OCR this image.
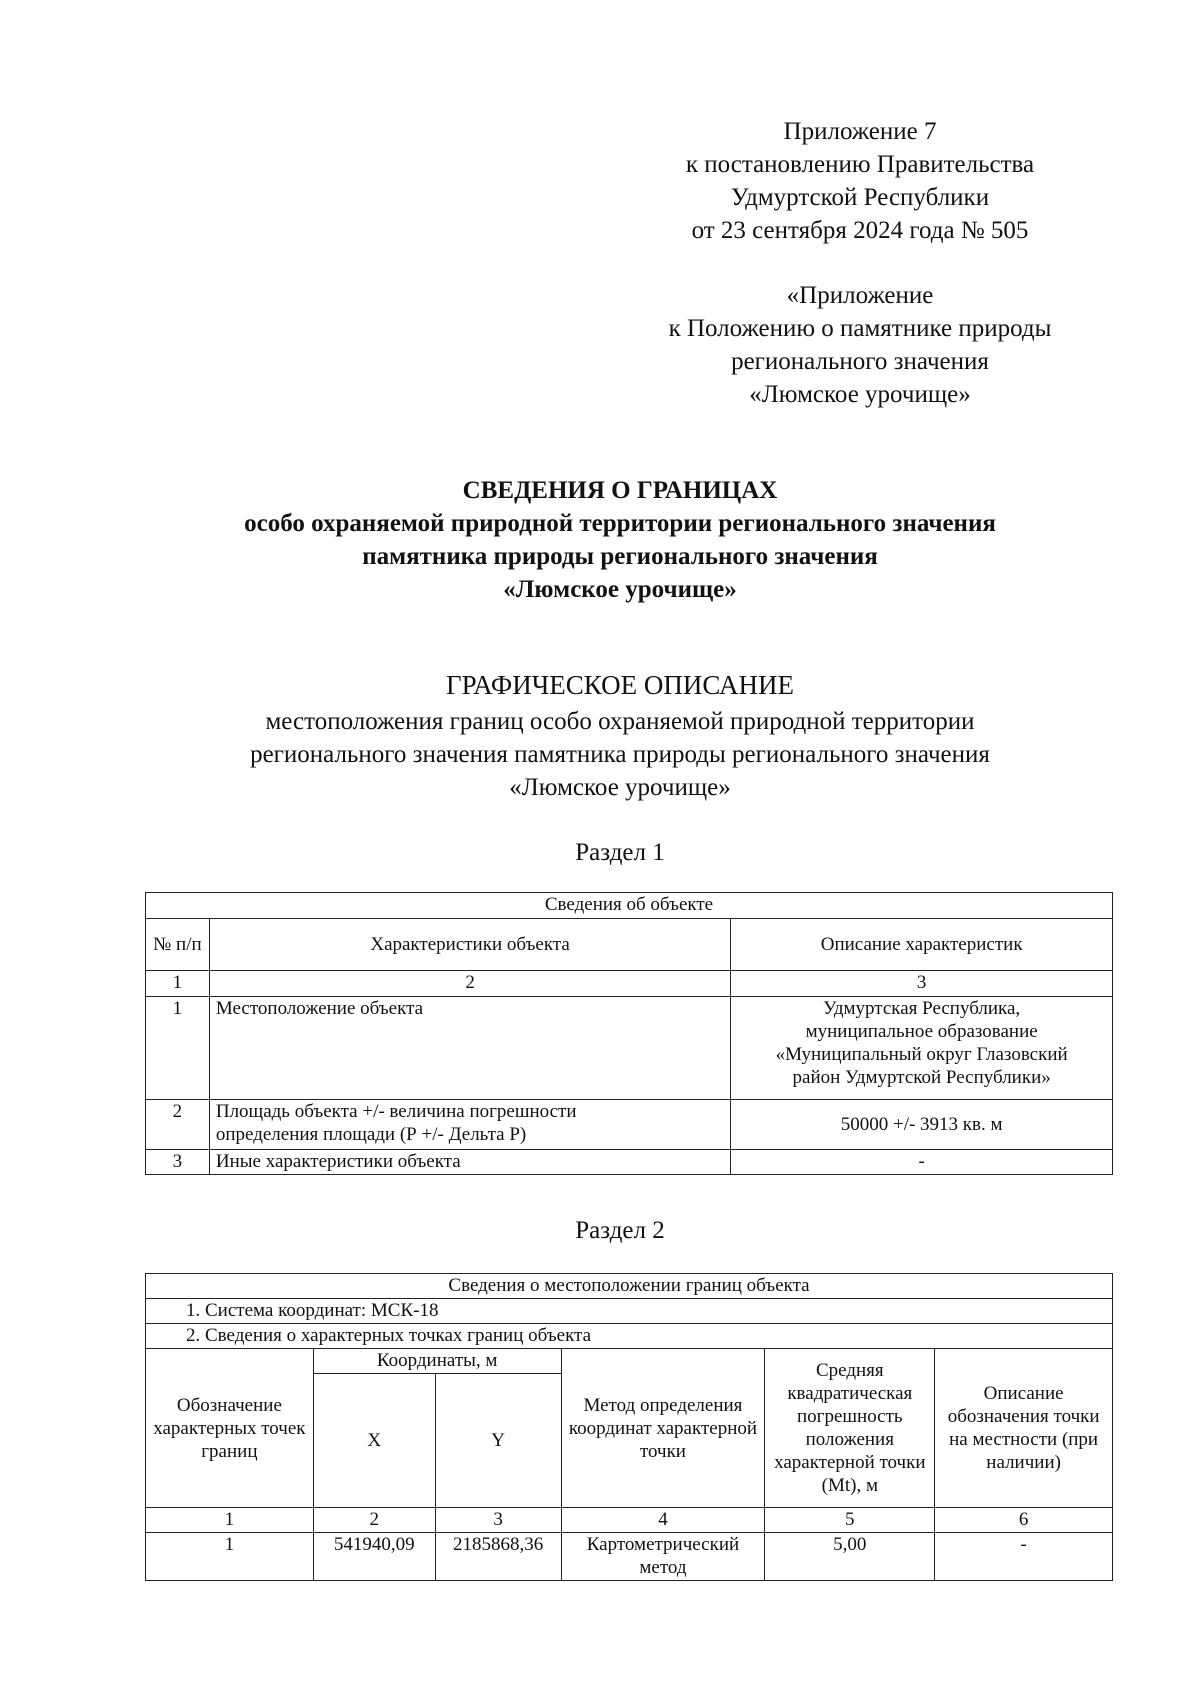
Приложение 7
к постановлению Правительства
Удмуртской Республики
от 23 сентября 2024 года № 505
«Приложение
к Положению о памятнике природы
регионального значения
«Люмское урочище»
СВЕДЕНИЯ О ГРАНИЦАХ
особо охраняемой природной территории регионального значения
памятника природы регионального значения
«Люмское урочище»
ГРАФИЧЕСКОЕ ОПИСАНИЕ
местоположения границ особо охраняемой природной территории
регионального значения памятника природы регионального значения
«Люмское урочище»
Раздел 1
Сведения об объекте		
№ п/п	Характеристики объекта	Описание характеристик
1	2	3
1	Местоположение объекта	Удмуртская Республика,
муниципальное образование
«Муниципальный округ Глазовский
район Удмуртской Республики»

2	Площадь объекта +/- величина погрешности
определения площади (Р +/- Дельта Р)	50000 +/- 3913 кв. м
3	Иные характеристики объекта	-
Раздел 2
Сведения о местоположении границ объекта					
1. Система координат: МСК-18					
2. Сведения о характерных точках границ объекта					
Обозначение характерных точек границ	Координаты, м		Метод определения координат характерной точки	Средняя квадратическая погрешность положения характерной точки (Mt), м	Описание обозначения точки на местности (при наличии)
	X	Y			
1	2	3	4	5	6
1	541940,09	2185868,36	Картометрический метод	5,00	-
